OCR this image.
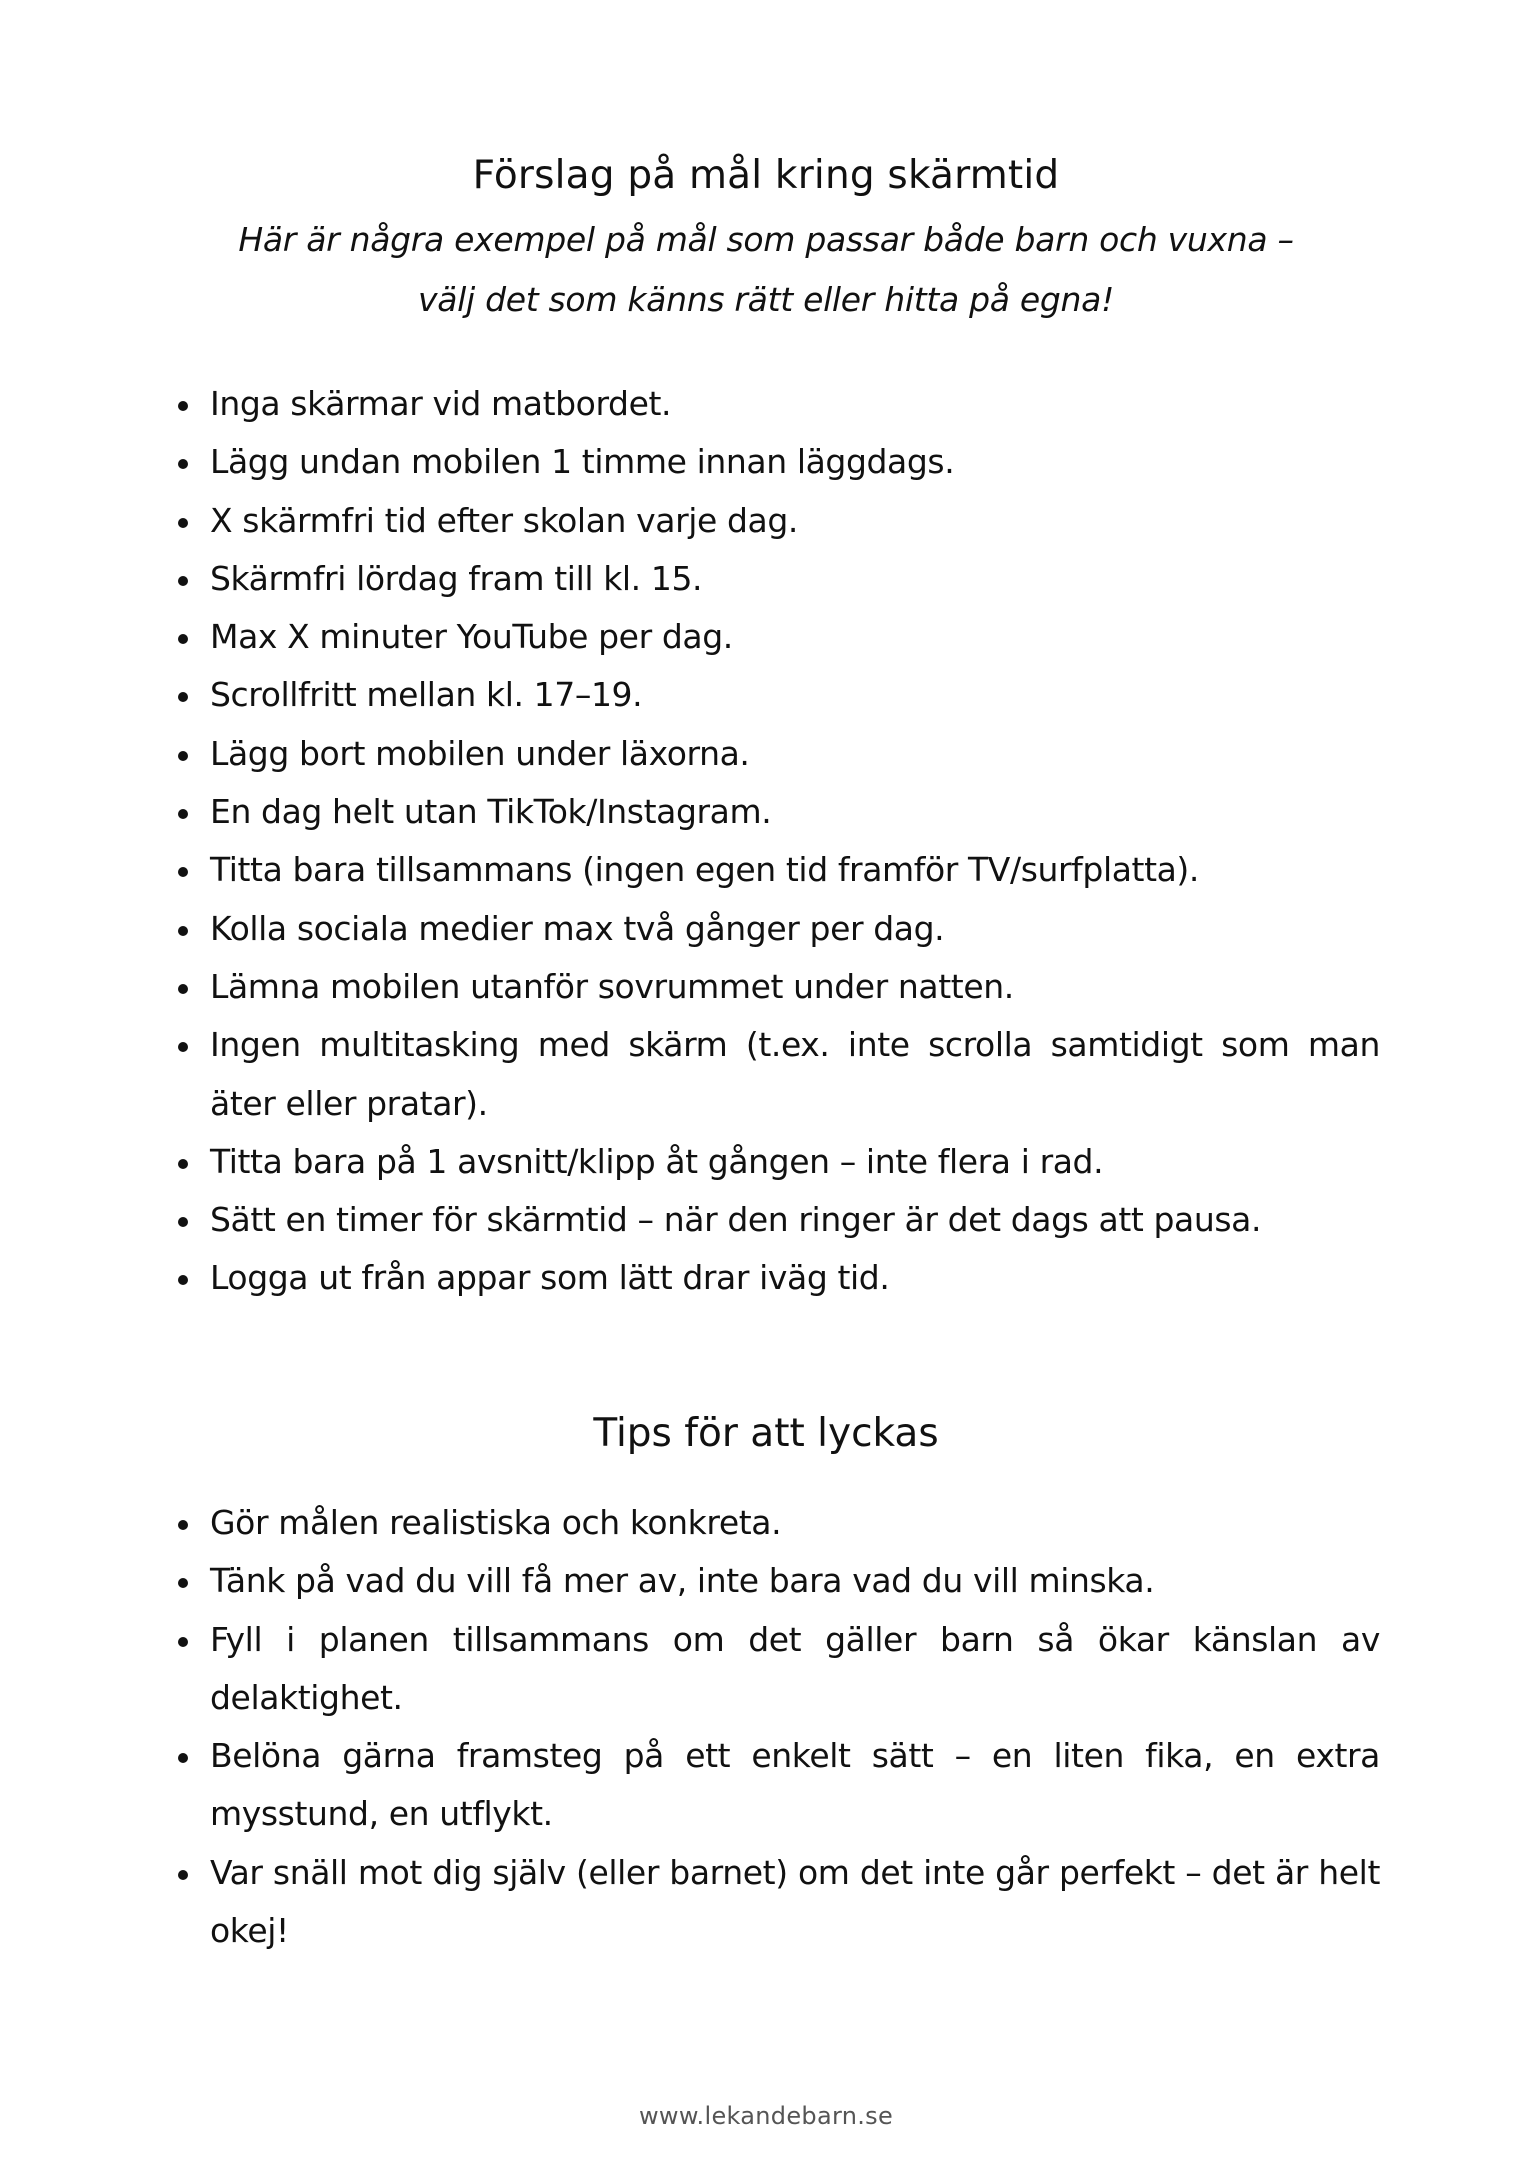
Förslag på mål kring skärmtid

Här är några exempel på mål som passar både barn och vuxna –
välj det som känns rätt eller hitta på egna!

Inga skärmar vid matbordet.
Lägg undan mobilen 1 timme innan läggdags.
X skärmfri tid efter skolan varje dag.
Skärmfri lördag fram till kl. 15.
Max X minuter YouTube per dag.
Scrollfritt mellan kl. 17–19.
Lägg bort mobilen under läxorna.
En dag helt utan TikTok/Instagram.
Titta bara tillsammans (ingen egen tid framför TV/surfplatta).
Kolla sociala medier max två gånger per dag.
Lämna mobilen utanför sovrummet under natten.
Ingen multitasking med skärm (t.ex. inte scrolla samtidigt som man äter eller pratar).
Titta bara på 1 avsnitt/klipp åt gången – inte flera i rad.
Sätt en timer för skärmtid – när den ringer är det dags att pausa.
Logga ut från appar som lätt drar iväg tid.
Tips för att lyckas
Gör målen realistiska och konkreta.
Tänk på vad du vill få mer av, inte bara vad du vill minska.
Fyll i planen tillsammans om det gäller barn så ökar känslan av delaktighet.
Belöna gärna framsteg på ett enkelt sätt – en liten fika, en extra mysstund, en utflykt.
Var snäll mot dig själv (eller barnet) om det inte går perfekt – det är helt okej!
www.lekandebarn.se
